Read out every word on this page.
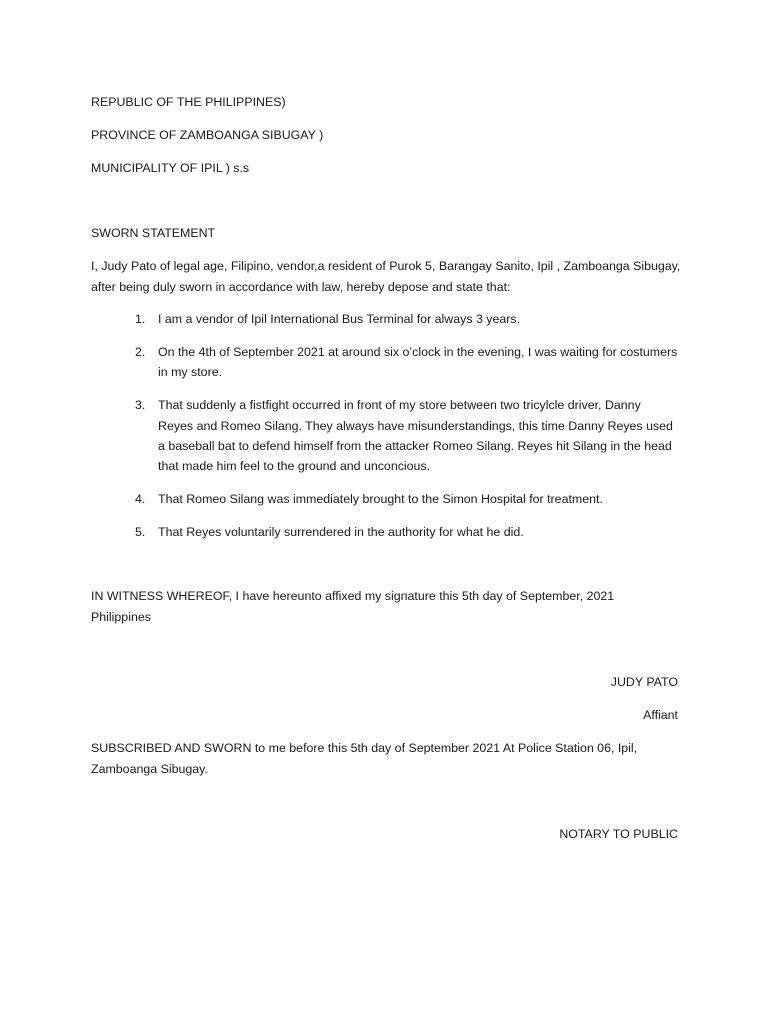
REPUBLIC OF THE PHILIPPINES)
PROVINCE OF ZAMBOANGA SIBUGAY )
MUNICIPALITY OF IPIL ) s.s
SWORN STATEMENT
I, Judy Pato of legal age, Filipino, vendor,a resident of Purok 5, Barangay Sanito, Ipil , Zamboanga Sibugay, after being duly sworn in accordance with law, hereby depose and state that:
1.	I am a vendor of Ipil International Bus Terminal for always 3 years.
2.	On the 4th of September 2021 at around six o’clock in the evening, I was waiting for costumers in my store.
3.	That suddenly a fistfight occurred in front of my store between two tricylcle driver, Danny Reyes and Romeo Silang. They always have misunderstandings, this time Danny Reyes used a baseball bat to defend himself from the attacker Romeo Silang. Reyes hit Silang in the head that made him feel to the ground and unconcious.
4.	That Romeo Silang was immediately brought to the Simon Hospital for treatment.
5.	That Reyes voluntarily surrendered in the authority for what he did.
IN WITNESS WHEREOF, I have hereunto affixed my signature this 5th day of September, 2021 Philippines
JUDY PATO
Affiant
SUBSCRIBED AND SWORN to me before this 5th day of September 2021 At Police Station 06, Ipil, Zamboanga Sibugay.
NOTARY TO PUBLIC
